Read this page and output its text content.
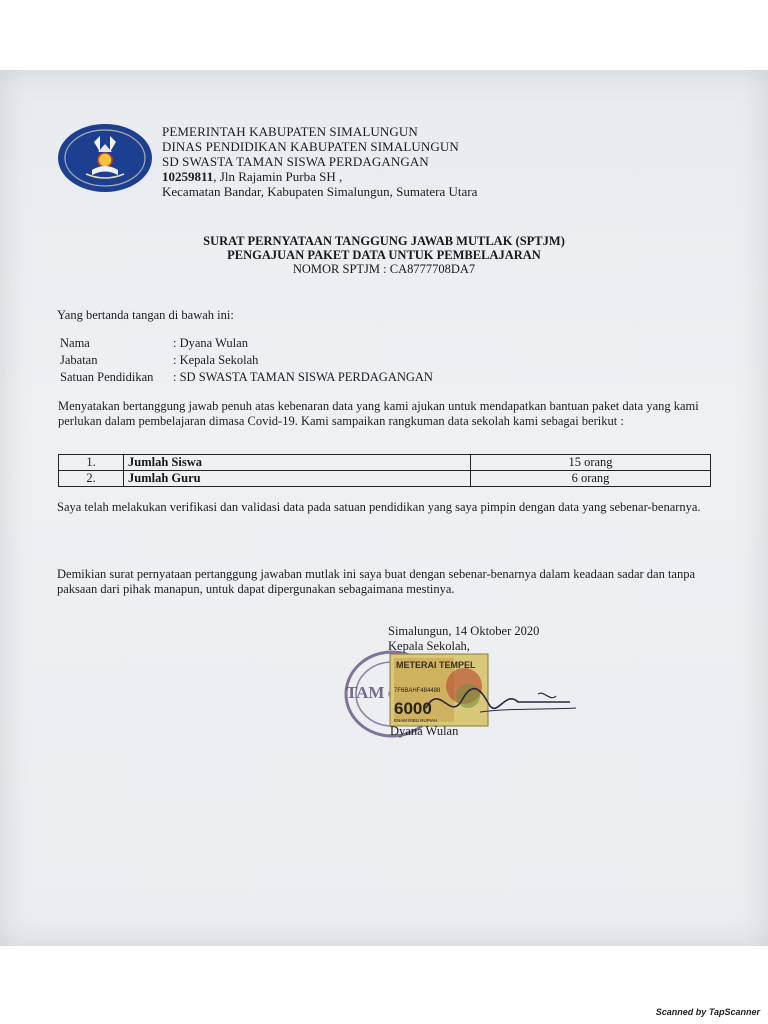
PEMERINTAH KABUPATEN SIMALUNGUN
DINAS PENDIDIKAN KABUPATEN SIMALUNGUN
SD SWASTA TAMAN SISWA PERDAGANGAN
10259811, Jln Rajamin Purba SH ,
Kecamatan Bandar, Kabupaten Simalungun, Sumatera Utara
SURAT PERNYATAAN TANGGUNG JAWAB MUTLAK (SPTJM)
PENGAJUAN PAKET DATA UNTUK PEMBELAJARAN
NOMOR SPTJM : CA8777708DA7
Yang bertanda tangan di bawah ini:
Nama	: Dyana Wulan
Jabatan	: Kepala Sekolah
Satuan Pendidikan : SD SWASTA TAMAN SISWA PERDAGANGAN
Menyatakan bertanggung jawab penuh atas kebenaran data yang kami ajukan untuk mendapatkan bantuan paket data yang kami perlukan dalam pembelajaran dimasa Covid-19. Kami sampaikan rangkuman data sekolah kami sebagai berikut :
1.	Jumlah Siswa	15 orang
2.	Jumlah Guru	6 orang
Saya telah melakukan verifikasi dan validasi data pada satuan pendidikan yang saya pimpin dengan data yang sebenar-benarnya.
Demikian surat pernyataan pertanggung jawaban mutlak ini saya buat dengan sebenar-benarnya dalam keadaan sadar dan tanpa paksaan dari pihak manapun, untuk dapat dipergunakan sebagaimana mestinya.
Simalungun, 14 Oktober 2020
Kepala Sekolah,
TAM
METERAI TEMPEL
7F6BAHF484488
6000
ENAM RIBU RUPIAH
Dyana Wulan
Scanned by TapScanner
